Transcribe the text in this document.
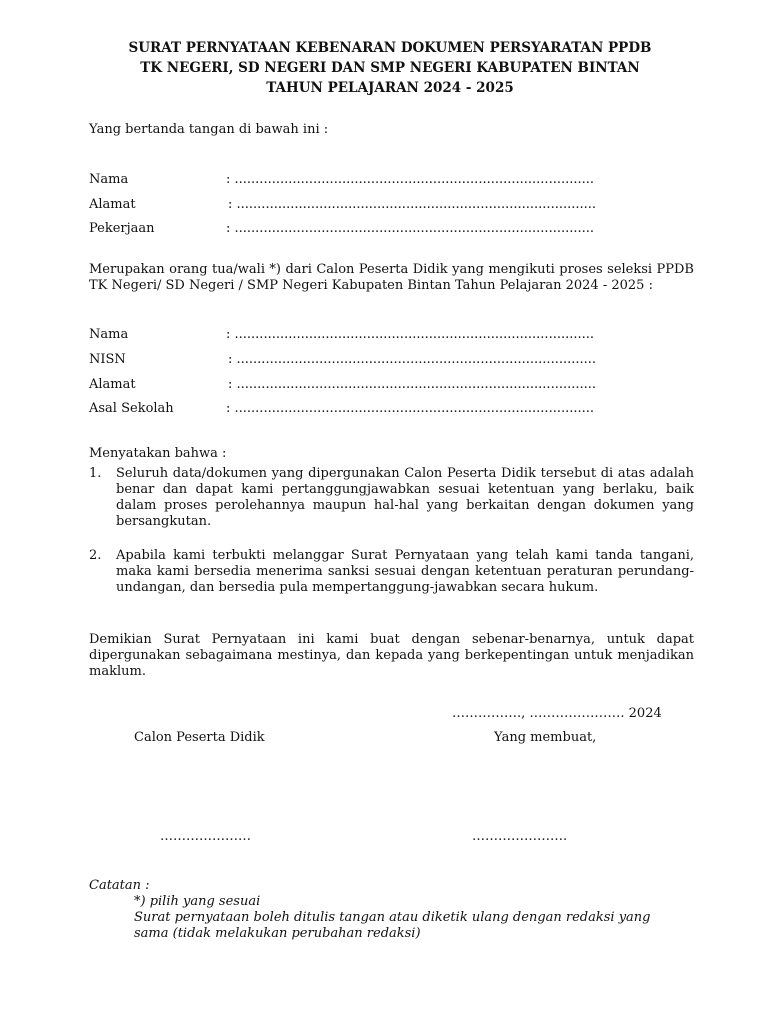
SURAT PERNYATAAN KEBENARAN DOKUMEN PERSYARATAN PPDB
TK NEGERI, SD NEGERI DAN SMP NEGERI KABUPATEN BINTAN
TAHUN PELAJARAN 2024 - 2025
Yang bertanda tangan di bawah ini :
Nama	: .......................................................................................
Alamat	: .......................................................................................
Pekerjaan	: .......................................................................................
Merupakan orang tua/wali *) dari Calon Peserta Didik yang mengikuti proses seleksi PPDB TK Negeri/ SD Negeri / SMP Negeri Kabupaten Bintan Tahun Pelajaran 2024 - 2025 :
Nama	: .......................................................................................
NISN	: .......................................................................................
Alamat	: .......................................................................................
Asal Sekolah	: .......................................................................................
Menyatakan bahwa :
1. Seluruh data/dokumen yang dipergunakan Calon Peserta Didik tersebut di atas adalah benar dan dapat kami pertanggungjawabkan sesuai ketentuan yang berlaku, baik dalam proses perolehannya maupun hal-hal yang berkaitan dengan dokumen yang bersangkutan.
2. Apabila kami terbukti melanggar Surat Pernyataan yang telah kami tanda tangani, maka kami bersedia menerima sanksi sesuai dengan ketentuan peraturan perundang-undangan, dan bersedia pula mempertanggung-jawabkan secara hukum.
Demikian Surat Pernyataan ini kami buat dengan sebenar-benarnya, untuk dapat dipergunakan sebagaimana mestinya, dan kepada yang berkepentingan untuk menjadikan maklum.
……………., …………………. 2024
Calon Peserta Didik	Yang membuat,
…………………	………………….
Catatan :
*) pilih yang sesuai
Surat pernyataan boleh ditulis tangan atau diketik ulang dengan redaksi yang sama (tidak melakukan perubahan redaksi)
